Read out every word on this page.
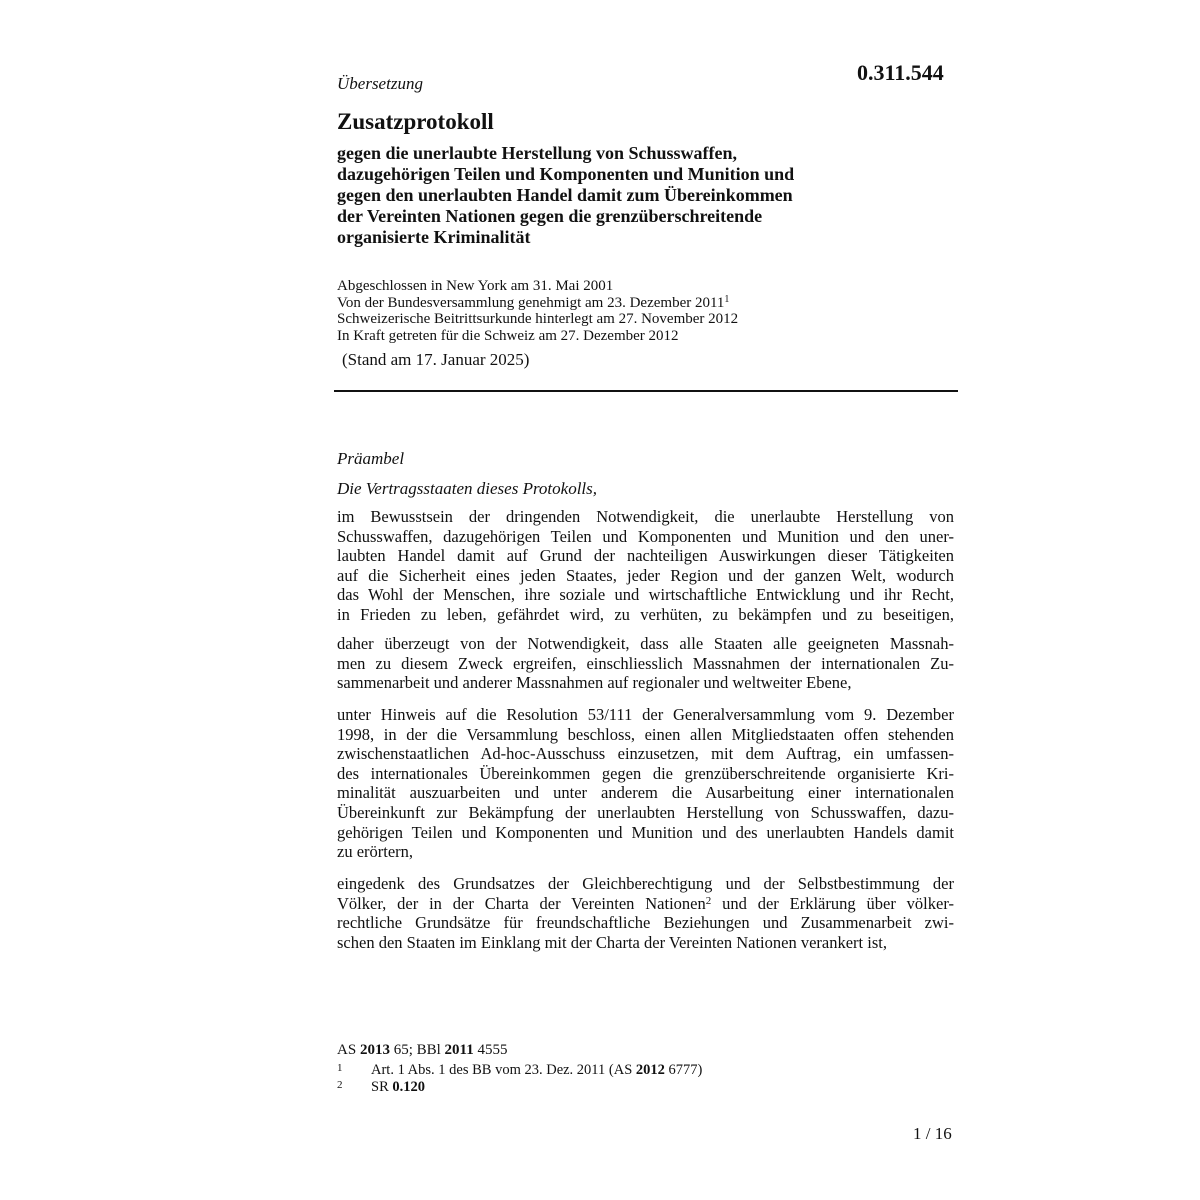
Übersetzung	0.311.544
Zusatzprotokoll
gegen die unerlaubte Herstellung von Schusswaffen,
dazugehörigen Teilen und Komponenten und Munition und
gegen den unerlaubten Handel damit zum Übereinkommen
der Vereinten Nationen gegen die grenzüberschreitende
organisierte Kriminalität
Abgeschlossen in New York am 31. Mai 2001
Von der Bundesversammlung genehmigt am 23. Dezember 2011$^1$
Schweizerische Beitrittsurkunde hinterlegt am 27. November 2012
In Kraft getreten für die Schweiz am 27. Dezember 2012
(Stand am 17. Januar 2025)
Präambel
Die Vertragsstaaten dieses Protokolls,

im Bewusstsein der dringenden Notwendigkeit, die unerlaubte Herstellung von
Schusswaffen, dazugehörigen Teilen und Komponenten und Munition und den uner-
laubten Handel damit auf Grund der nachteiligen Auswirkungen dieser Tätigkeiten
auf die Sicherheit eines jeden Staates, jeder Region und der ganzen Welt, wodurch
das Wohl der Menschen, ihre soziale und wirtschaftliche Entwicklung und ihr Recht,
in Frieden zu leben, gefährdet wird, zu verhüten, zu bekämpfen und zu beseitigen,

daher überzeugt von der Notwendigkeit, dass alle Staaten alle geeigneten Massnah-
men zu diesem Zweck ergreifen, einschliesslich Massnahmen der internationalen Zu-
sammenarbeit und anderer Massnahmen auf regionaler und weltweiter Ebene,

unter Hinweis auf die Resolution 53/111 der Generalversammlung vom 9. Dezember
1998, in der die Versammlung beschloss, einen allen Mitgliedstaaten offen stehenden
zwischenstaatlichen Ad-hoc-Ausschuss einzusetzen, mit dem Auftrag, ein umfassen-
des internationales Übereinkommen gegen die grenzüberschreitende organisierte Kri-
minalität auszuarbeiten und unter anderem die Ausarbeitung einer internationalen
Übereinkunft zur Bekämpfung der unerlaubten Herstellung von Schusswaffen, dazu-
gehörigen Teilen und Komponenten und Munition und des unerlaubten Handels damit
zu erörtern,

eingedenk des Grundsatzes der Gleichberechtigung und der Selbstbestimmung der
Völker, der in der Charta der Vereinten Nationen$^2$ und der Erklärung über völker-
rechtliche Grundsätze für freundschaftliche Beziehungen und Zusammenarbeit zwi-
schen den Staaten im Einklang mit der Charta der Vereinten Nationen verankert ist,

AS 2013 65; BBl 2011 4555
1 Art. 1 Abs. 1 des BB vom 23. Dez. 2011 (AS 2012 6777)
2 SR 0.120
1 / 16
